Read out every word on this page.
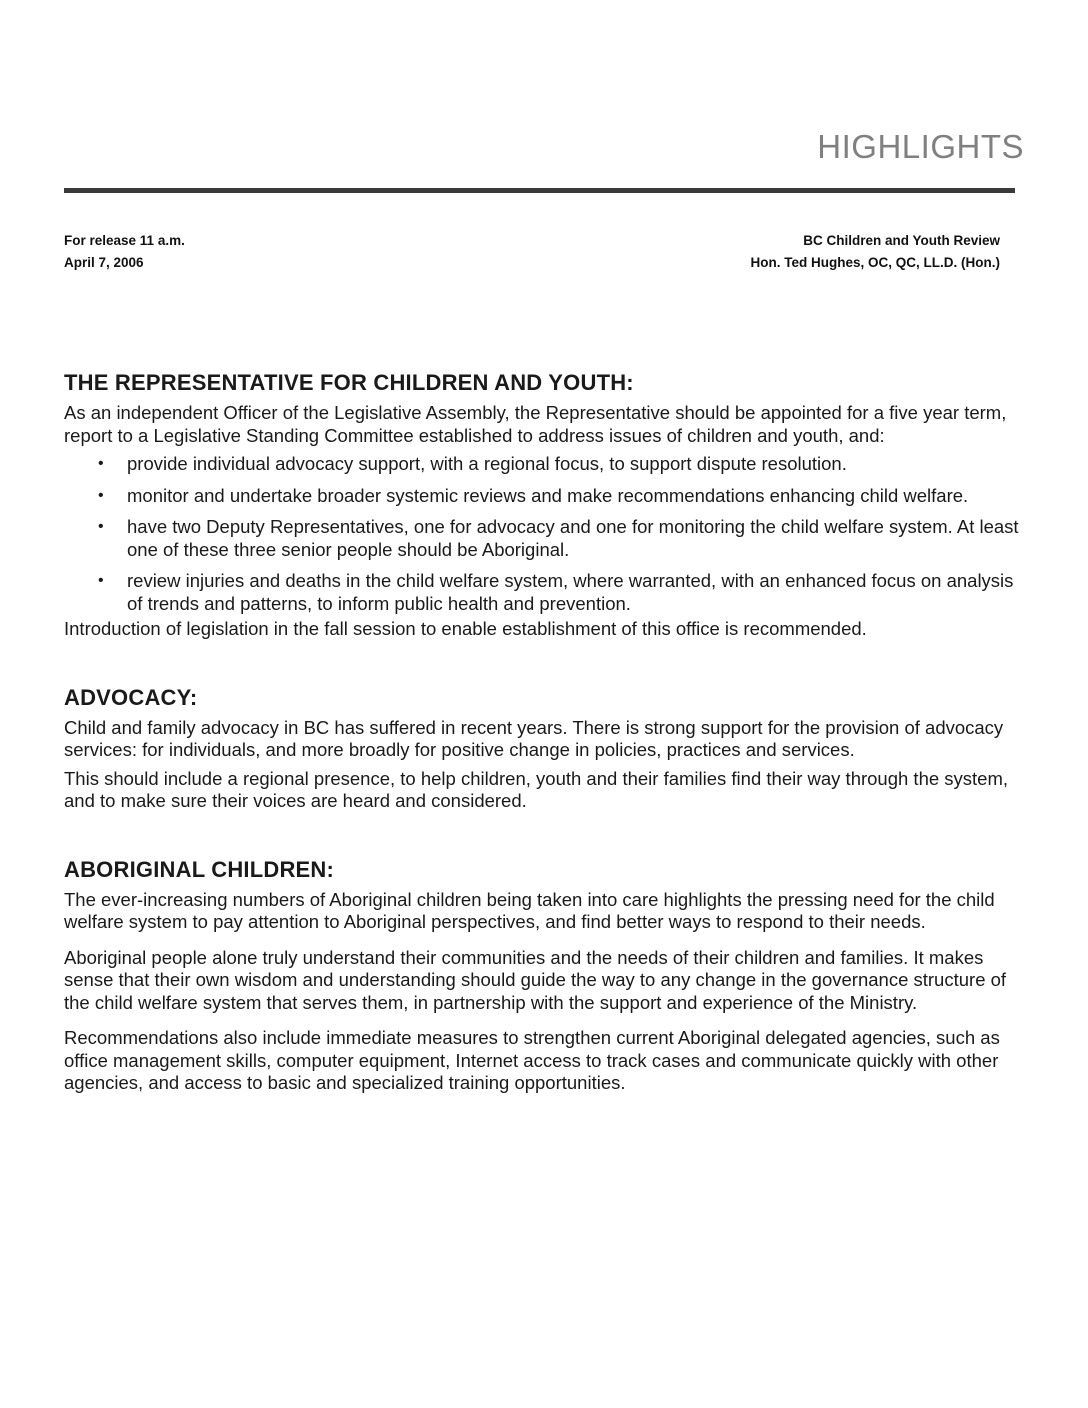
HIGHLIGHTS
For release 11 a.m.
April 7, 2006
BC Children and Youth Review
Hon. Ted Hughes, OC, QC, LL.D. (Hon.)
THE REPRESENTATIVE FOR CHILDREN AND YOUTH:

As an independent Officer of the Legislative Assembly, the Representative should be appointed for a five year term, report to a Legislative Standing Committee established to address issues of children and youth, and:

• provide individual advocacy support, with a regional focus, to support dispute resolution.
• monitor and undertake broader systemic reviews and make recommendations enhancing child welfare.
• have two Deputy Representatives, one for advocacy and one for monitoring the child welfare system. At least one of these three senior people should be Aboriginal.
• review injuries and deaths in the child welfare system, where warranted, with an enhanced focus on analysis of trends and patterns, to inform public health and prevention.

Introduction of legislation in the fall session to enable establishment of this office is recommended.

ADVOCACY:

Child and family advocacy in BC has suffered in recent years. There is strong support for the provision of advocacy services: for individuals, and more broadly for positive change in policies, practices and services.

This should include a regional presence, to help children, youth and their families find their way through the system, and to make sure their voices are heard and considered.

ABORIGINAL CHILDREN:

The ever-increasing numbers of Aboriginal children being taken into care highlights the pressing need for the child welfare system to pay attention to Aboriginal perspectives, and find better ways to respond to their needs.

Aboriginal people alone truly understand their communities and the needs of their children and families. It makes sense that their own wisdom and understanding should guide the way to any change in the governance structure of the child welfare system that serves them, in partnership with the support and experience of the Ministry.

Recommendations also include immediate measures to strengthen current Aboriginal delegated agencies, such as office management skills, computer equipment, Internet access to track cases and communicate quickly with other agencies, and access to basic and specialized training opportunities.
